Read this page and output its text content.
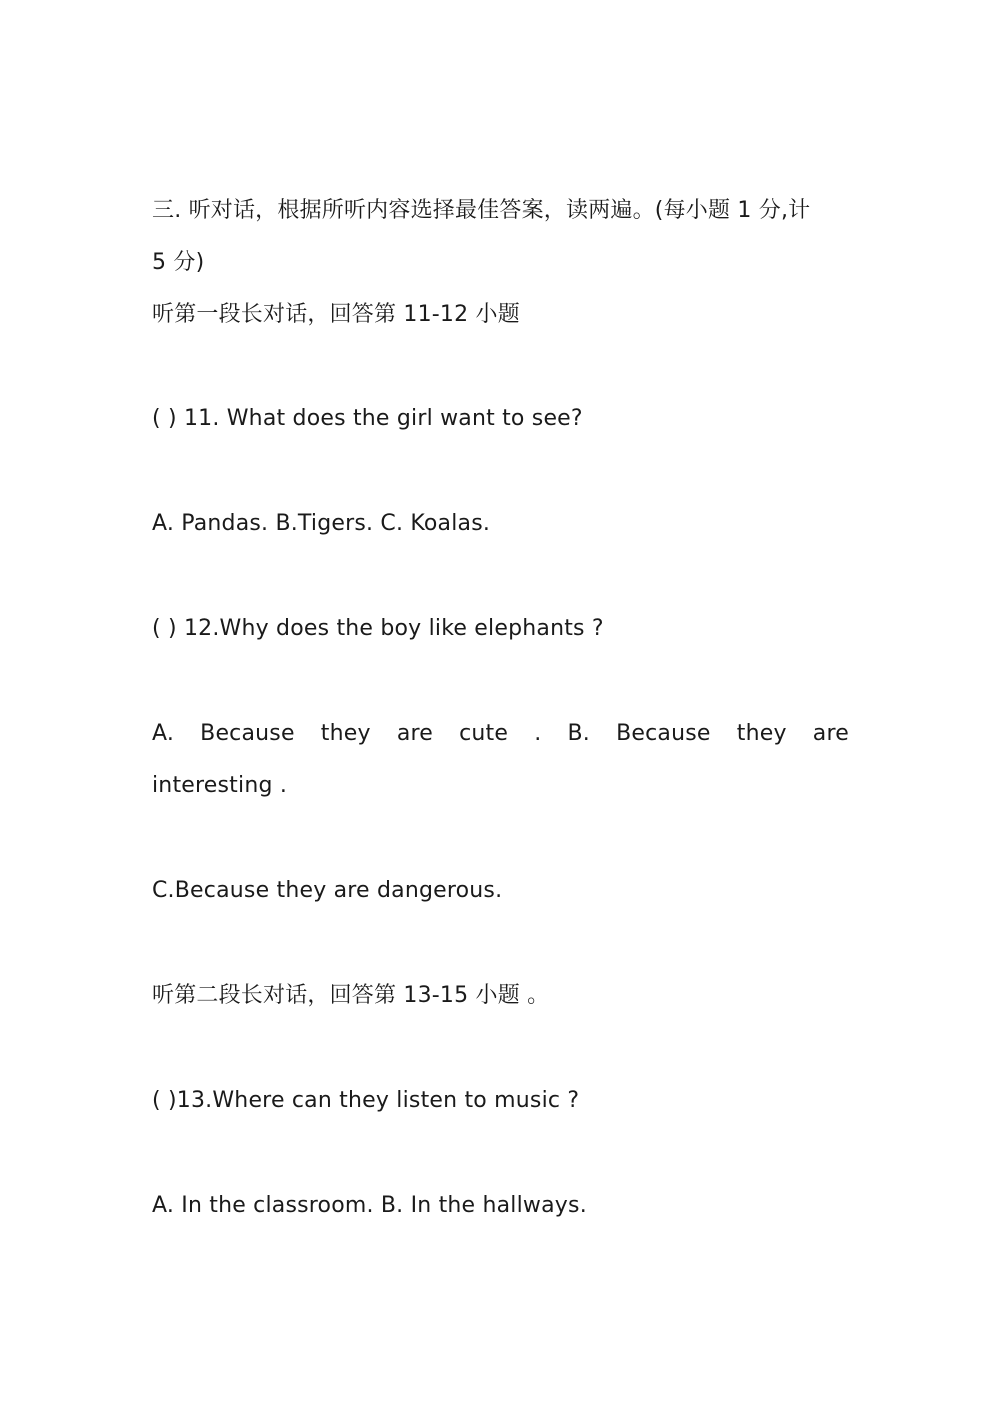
三. 听对话，根据所听内容选择最佳答案，读两遍。(每小题 1 分,计
5 分)
听第一段长对话，回答第 11-12 小题
( ) 11. What does the girl want to see?
A. Pandas. B.Tigers. C. Koalas.
( ) 12.Why does the boy like elephants ?
A. Because they are cute . B. Because they are
interesting .
C.Because they are dangerous.
听第二段长对话，回答第 13-15 小题 。
( )13.Where can they listen to music ?
A. In the classroom. B. In the hallways.
